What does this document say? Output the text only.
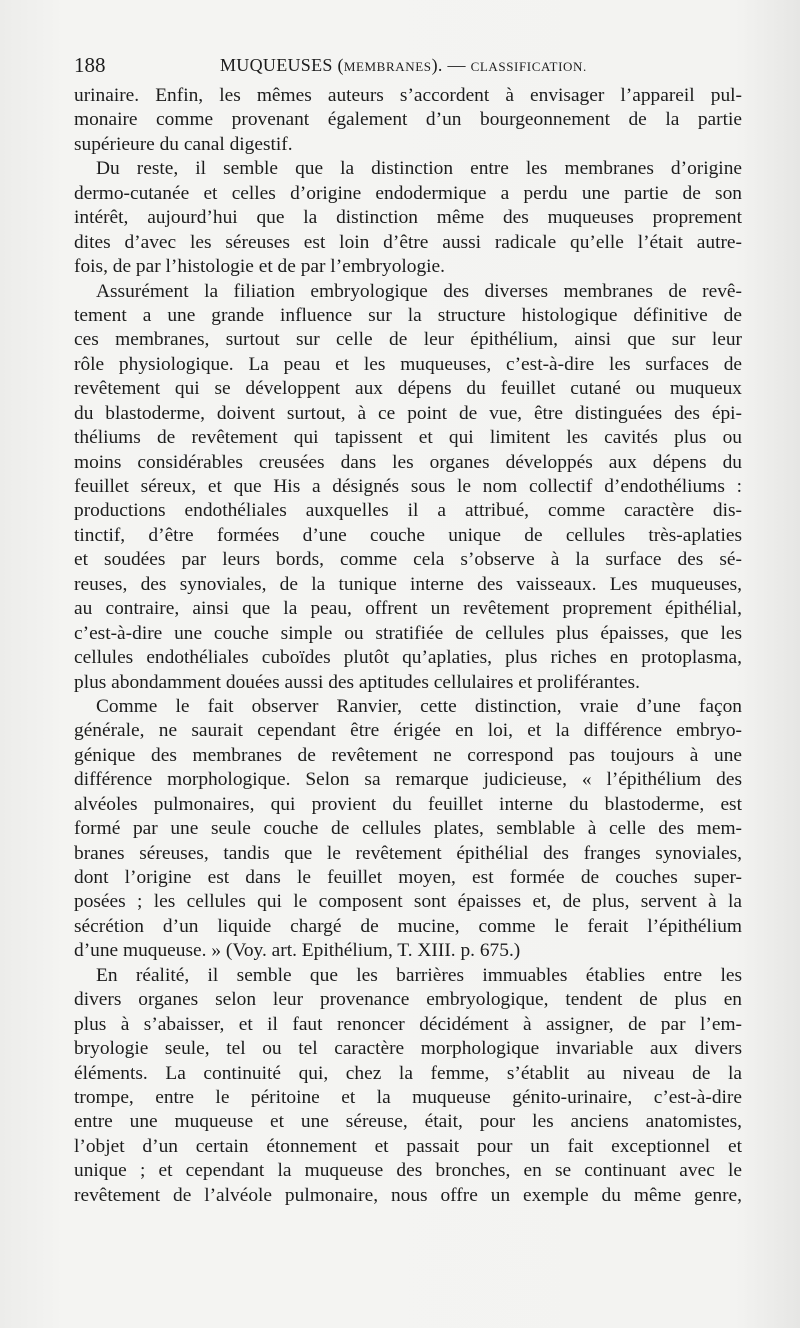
188	MUQUEUSES (MEMBRANES). — CLASSIFICATION.
urinaire. Enfin, les mêmes auteurs s’accordent à envisager l’appareil pul-
monaire comme provenant également d’un bourgeonnement de la partie
supérieure du canal digestif.
Du reste, il semble que la distinction entre les membranes d’origine
dermo-cutanée et celles d’origine endodermique a perdu une partie de son
intérêt, aujourd’hui que la distinction même des muqueuses proprement
dites d’avec les séreuses est loin d’être aussi radicale qu’elle l’était autre-
fois, de par l’histologie et de par l’embryologie.
Assurément la filiation embryologique des diverses membranes de revê-
tement a une grande influence sur la structure histologique définitive de
ces membranes, surtout sur celle de leur épithélium, ainsi que sur leur
rôle physiologique. La peau et les muqueuses, c’est-à-dire les surfaces de
revêtement qui se développent aux dépens du feuillet cutané ou muqueux
du blastoderme, doivent surtout, à ce point de vue, être distinguées des épi-
théliums de revêtement qui tapissent et qui limitent les cavités plus ou
moins considérables creusées dans les organes développés aux dépens du
feuillet séreux, et que His a désignés sous le nom collectif d’endothéliums :
productions endothéliales auxquelles il a attribué, comme caractère dis-
tinctif, d’être formées d’une couche unique de cellules très-aplaties
et soudées par leurs bords, comme cela s’observe à la surface des sé-
reuses, des synoviales, de la tunique interne des vaisseaux. Les muqueuses,
au contraire, ainsi que la peau, offrent un revêtement proprement épithélial,
c’est-à-dire une couche simple ou stratifiée de cellules plus épaisses, que les
cellules endothéliales cuboïdes plutôt qu’aplaties, plus riches en protoplasma,
plus abondamment douées aussi des aptitudes cellulaires et proliférantes.
Comme le fait observer Ranvier, cette distinction, vraie d’une façon
générale, ne saurait cependant être érigée en loi, et la différence embryo-
génique des membranes de revêtement ne correspond pas toujours à une
différence morphologique. Selon sa remarque judicieuse, « l’épithélium des
alvéoles pulmonaires, qui provient du feuillet interne du blastoderme, est
formé par une seule couche de cellules plates, semblable à celle des mem-
branes séreuses, tandis que le revêtement épithélial des franges synoviales,
dont l’origine est dans le feuillet moyen, est formée de couches super-
posées ; les cellules qui le composent sont épaisses et, de plus, servent à la
sécrétion d’un liquide chargé de mucine, comme le ferait l’épithélium
d’une muqueuse. » (Voy. art. Epithélium, T. XIII. p. 675.)
En réalité, il semble que les barrières immuables établies entre les
divers organes selon leur provenance embryologique, tendent de plus en
plus à s’abaisser, et il faut renoncer décidément à assigner, de par l’em-
bryologie seule, tel ou tel caractère morphologique invariable aux divers
éléments. La continuité qui, chez la femme, s’établit au niveau de la
trompe, entre le péritoine et la muqueuse génito-urinaire, c’est-à-dire
entre une muqueuse et une séreuse, était, pour les anciens anatomistes,
l’objet d’un certain étonnement et passait pour un fait exceptionnel et
unique ; et cependant la muqueuse des bronches, en se continuant avec le
revêtement de l’alvéole pulmonaire, nous offre un exemple du même genre,
